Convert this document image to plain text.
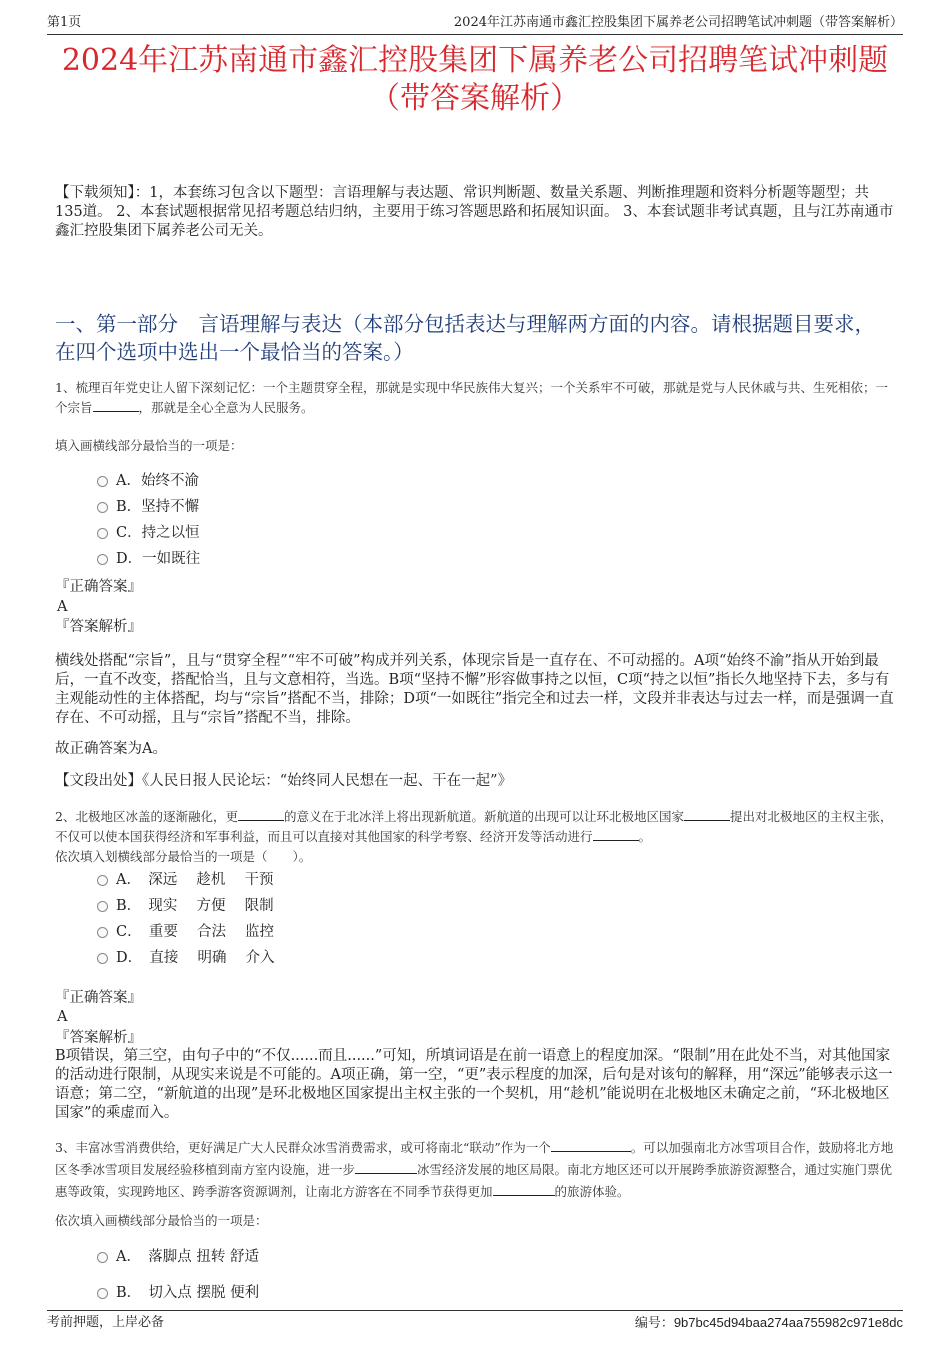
第1页	2024年江苏南通市鑫汇控股集团下属养老公司招聘笔试冲刺题（带答案解析）
2024年江苏南通市鑫汇控股集团下属养老公司招聘笔试冲刺题
（带答案解析）
【下载须知】：1，本套练习包含以下题型：言语理解与表达题、常识判断题、数量关系题、判断推理题和资料分析题等题型；共135道。 2、本套试题根据常见招考题总结归纳，主要用于练习答题思路和拓展知识面。 3、本套试题非考试真题，且与江苏南通市鑫汇控股集团下属养老公司无关。
一、第一部分　言语理解与表达（本部分包括表达与理解两方面的内容。请根据题目要求，在四个选项中选出一个最恰当的答案。）
1、梳理百年党史让人留下深刻记忆：一个主题贯穿全程，那就是实现中华民族伟大复兴；一个关系牢不可破，那就是党与人民休戚与共、生死相依；一个宗旨	，那就是全心全意为人民服务。
填入画横线部分最恰当的一项是：
A．始终不渝
B．坚持不懈
C．持之以恒
D．一如既往
『正确答案』
A
『答案解析』
横线处搭配“宗旨”，且与“贯穿全程”“牢不可破”构成并列关系，体现宗旨是一直存在、不可动摇的。A项“始终不渝”指从开始到最后，一直不改变，搭配恰当，且与文意相符，当选。B项“坚持不懈”形容做事持之以恒，C项“持之以恒”指长久地坚持下去，多与有主观能动性的主体搭配，均与“宗旨”搭配不当，排除；D项“一如既往”指完全和过去一样，文段并非表达与过去一样，而是强调一直存在、不可动摇，且与“宗旨”搭配不当，排除。
故正确答案为A。
【文段出处】《人民日报人民论坛：“始终同人民想在一起、干在一起”》
2、北极地区冰盖的逐渐融化，更	的意义在于北冰洋上将出现新航道。新航道的出现可以让环北极地区国家	提出对北极地区的主权主张，不仅可以使本国获得经济和军事利益，而且可以直接对其他国家的科学考察、经济开发等活动进行	。
依次填入划横线部分最恰当的一项是（　　）。
A．　深远　 趁机　 干预
B．　现实　 方便　 限制
C．　重要　 合法　 监控
D．　直接　 明确　 介入
『正确答案』
A
『答案解析』
B项错误，第三空，由句子中的“不仅......而且......”可知，所填词语是在前一语意上的程度加深。“限制”用在此处不当，对其他国家的活动进行限制，从现实来说是不可能的。A项正确，第一空，“更”表示程度的加深，后句是对该句的解释，用“深远”能够表示这一语意；第二空，“新航道的出现”是环北极地区国家提出主权主张的一个契机，用“趁机”能说明在北极地区未确定之前，“环北极地区国家”的乘虚而入。
3、丰富冰雪消费供给，更好满足广大人民群众冰雪消费需求，或可将南北“联动”作为一个	。可以加强南北方冰雪项目合作，鼓励将北方地区冬季冰雪项目发展经验移植到南方室内设施，进一步	冰雪经济发展的地区局限。南北方地区还可以开展跨季旅游资源整合，通过实施门票优惠等政策，实现跨地区、跨季游客资源调剂，让南北方游客在不同季节获得更加	的旅游体验。
依次填入画横线部分最恰当的一项是：
A．　落脚点 扭转 舒适
B．　切入点 摆脱 便利
考前押题，上岸必备	编号：9b7bc45d94baa274aa755982c971e8dc
